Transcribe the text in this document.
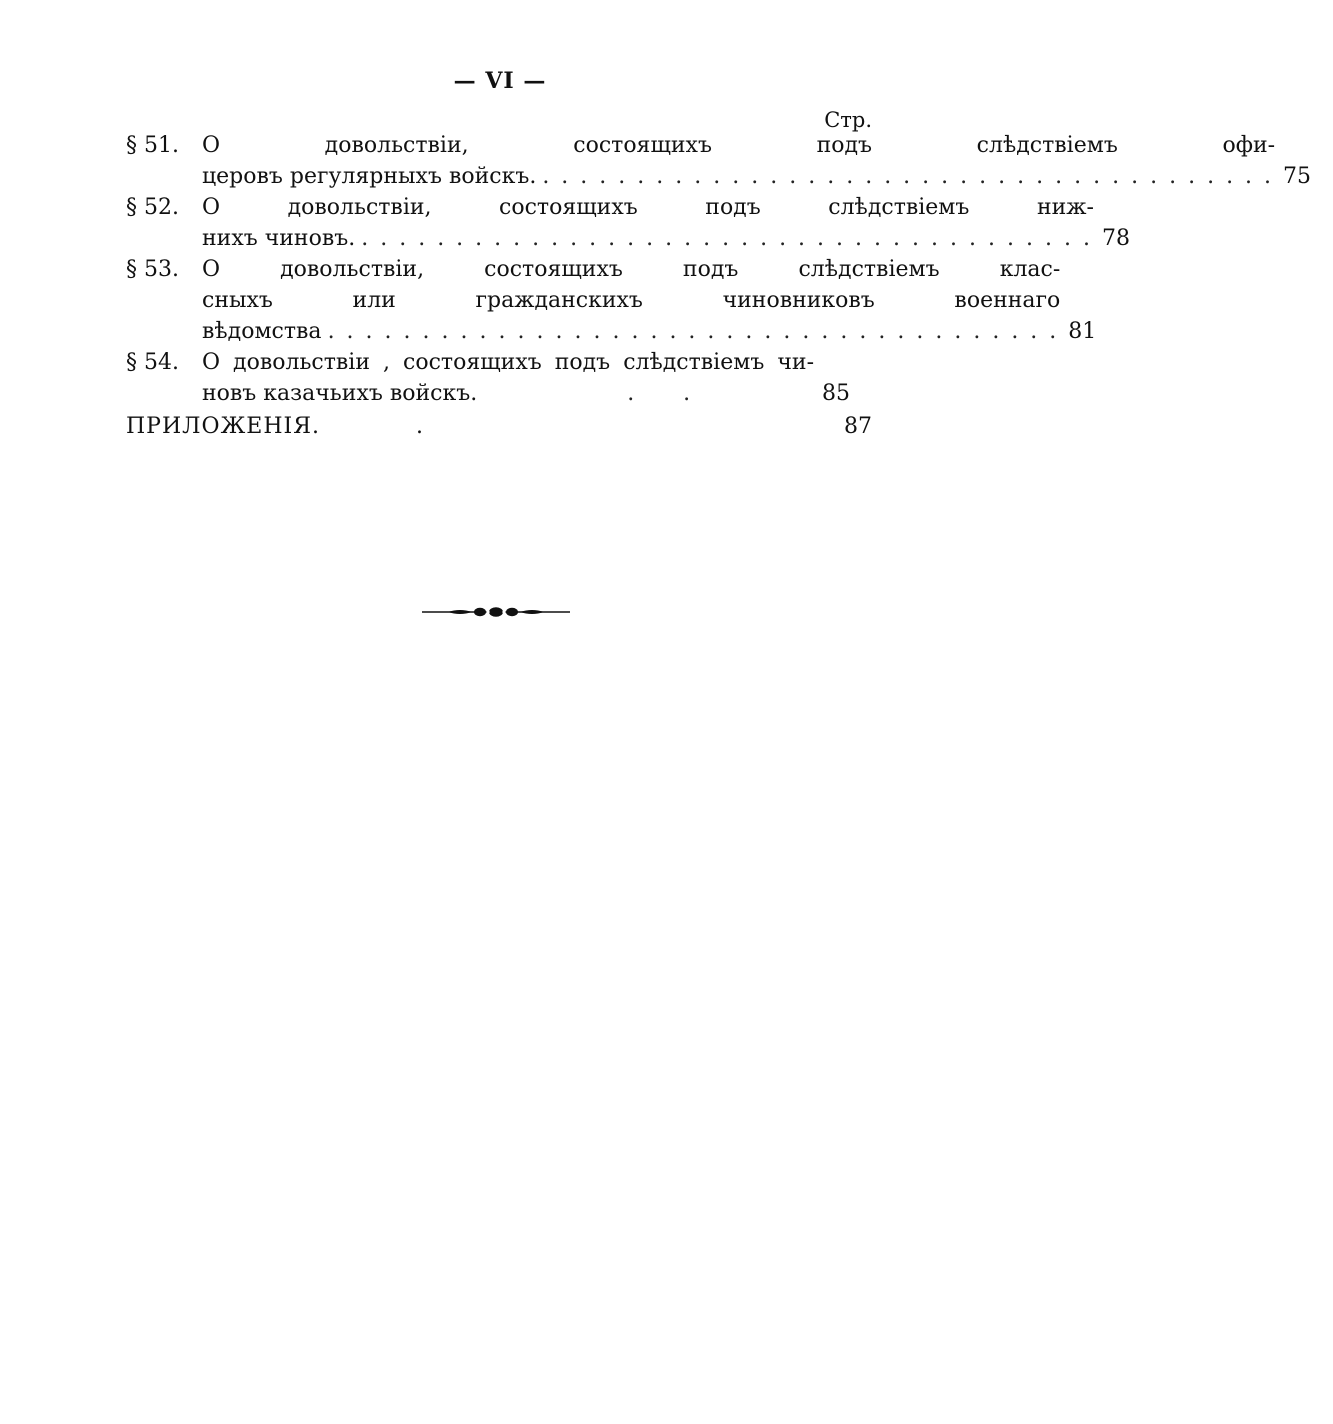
— VI —
Стр.
§ 51.	О довольствіи, состоящихъ подъ слѣдствіемъ офи-
церовъ регулярныхъ войскъ. ....................................... 75
§ 52.	О довольствіи, состоящихъ подъ слѣдствіемъ ниж-
нихъ чиновъ. ....................................... 78
§ 53.	О довольствіи, состоящихъ подъ слѣдствіемъ клас-
сныхъ или гражданскихъ чиновниковъ военнаго
вѣдомства ....................................... 81
§ 54.	О довольствіи , состоящихъ подъ слѣдствіемъ чи-
новъ казачьихъ войскъ.	.       .	85
ПРИЛОЖЕНІЯ.	.	87
